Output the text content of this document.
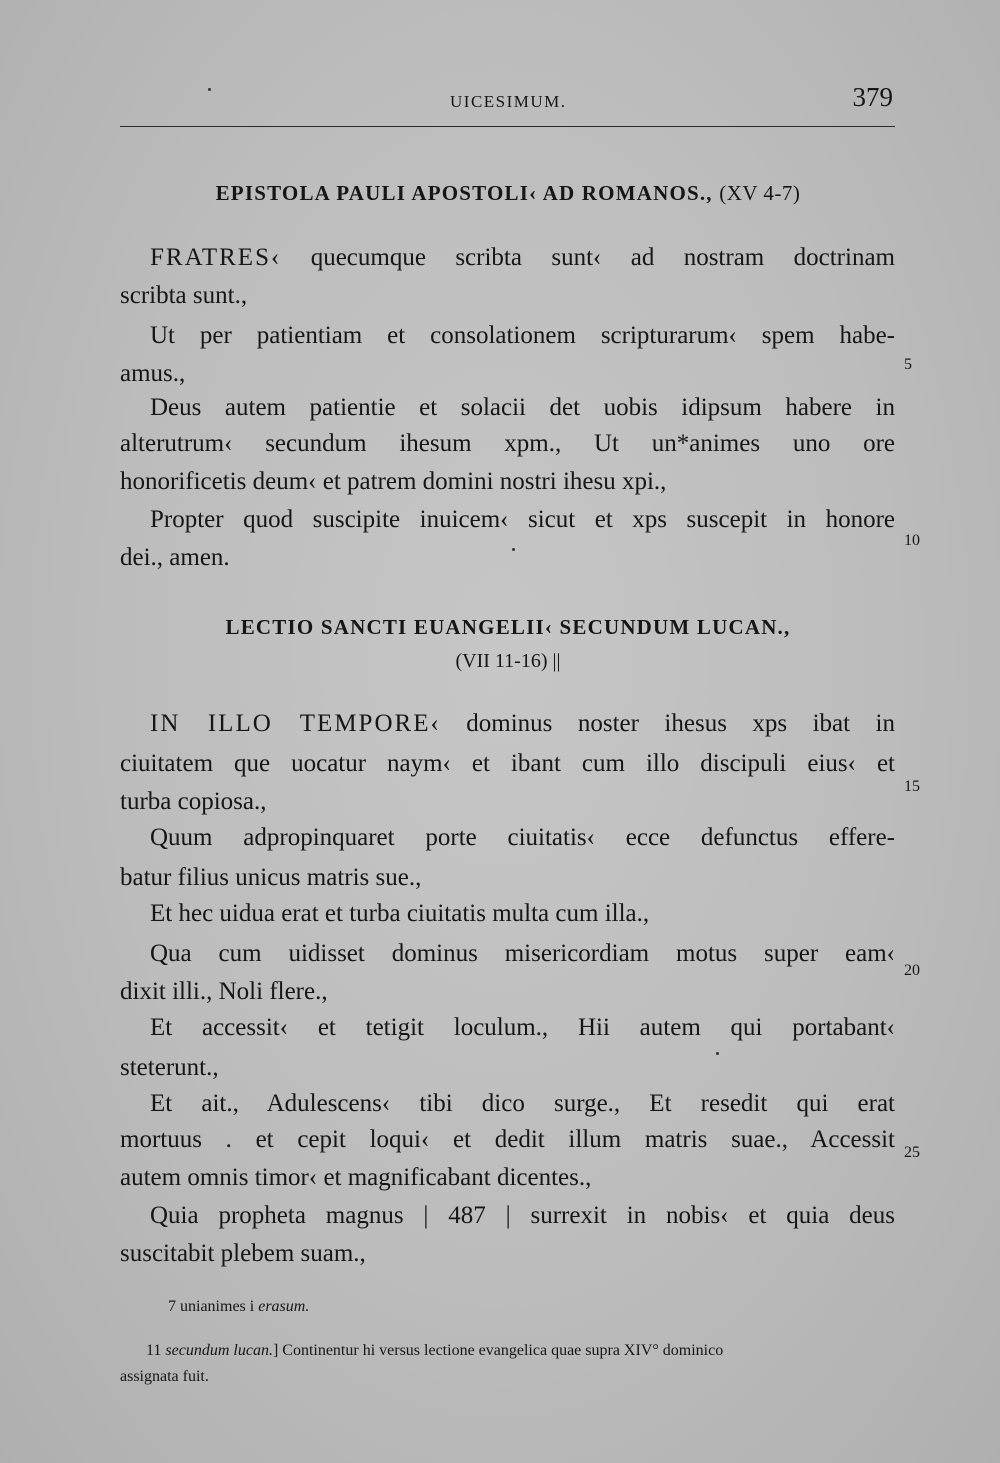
UICESIMUM.	379
EPISTOLA PAULI APOSTOLI‹ AD ROMANOS., (XV 4-7)
FRATRES‹ quecumque scribta sunt‹ ad nostram doctrinam
scribta sunt.,
Ut per patientiam et consolationem scripturarum‹ spem habe-
amus.,
Deus autem patientie et solacii det uobis idipsum habere in
alterutrum‹ secundum ihesum xpm., Ut un*animes uno ore
honorificetis deum‹ et patrem domini nostri ihesu xpi.,
Propter quod suscipite inuicem‹ sicut et xps suscepit in honore
dei., amen.
LECTIO SANCTI EUANGELII‹ SECUNDUM LUCAN.,
(VII 11-16) ||
IN ILLO TEMPORE‹ dominus noster ihesus xps ibat in
ciuitatem que uocatur naym‹ et ibant cum illo discipuli eius‹ et
turba copiosa.,
Quum adpropinquaret porte ciuitatis‹ ecce defunctus effere-
batur filius unicus matris sue.,
Et hec uidua erat et turba ciuitatis multa cum illa.,
Qua cum uidisset dominus misericordiam motus super eam‹
dixit illi., Noli flere.,
Et accessit‹ et tetigit loculum., Hii autem qui portabant‹
steterunt.,
Et ait., Adulescens‹ tibi dico surge., Et resedit qui erat
mortuus . et cepit loqui‹ et dedit illum matris suae., Accessit
autem omnis timor‹ et magnificabant dicentes.,
Quia propheta magnus | 487 | surrexit in nobis‹ et quia deus
suscitabit plebem suam.,
5
10
15
20
25
7 unianimes i erasum.
11 secundum lucan.] Continentur hi versus lectione evangelica quae supra XIV° dominico
assignata fuit.
